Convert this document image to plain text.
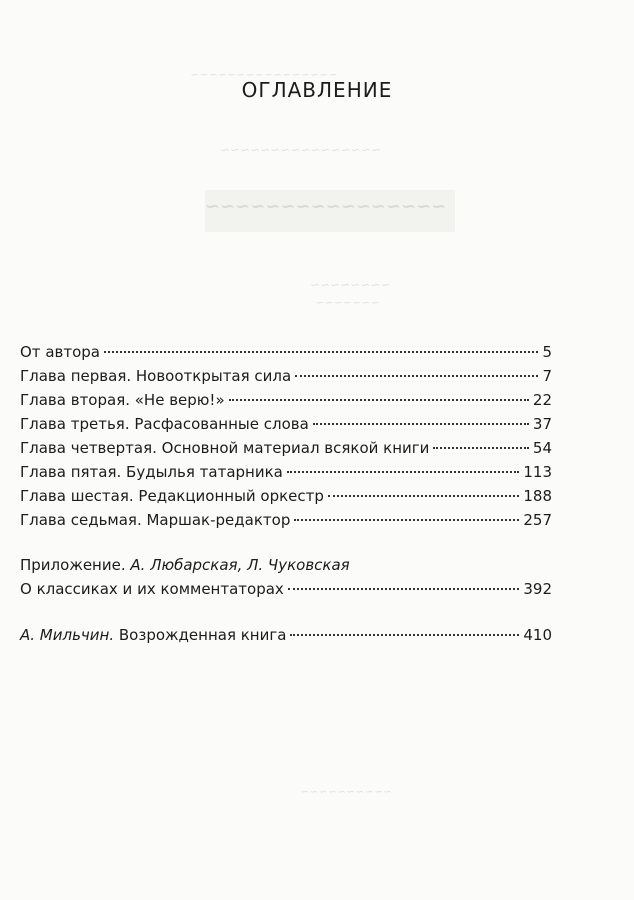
~~~~~~~~~~~~~~~~
~~~~~~~~~~~~~~~~
~~~~~~~~~~~~~~~~
~~~~~~~~
~~~~~~~
~~~~~~~~~~
ОГЛАВЛЕНИЕ
От автора	5
Глава первая. Новооткрытая сила	7
Глава вторая. «Не верю!»	22
Глава третья. Расфасованные слова	37
Глава четвертая. Основной материал всякой книги	54
Глава пятая. Будылья татарника	113
Глава шестая. Редакционный оркестр	188
Глава седьмая. Маршак-редактор	257
Приложение. А. Любарская, Л. Чуковская
О классиках и их комментаторах	392
А. Мильчин. Возрожденная книга	410
